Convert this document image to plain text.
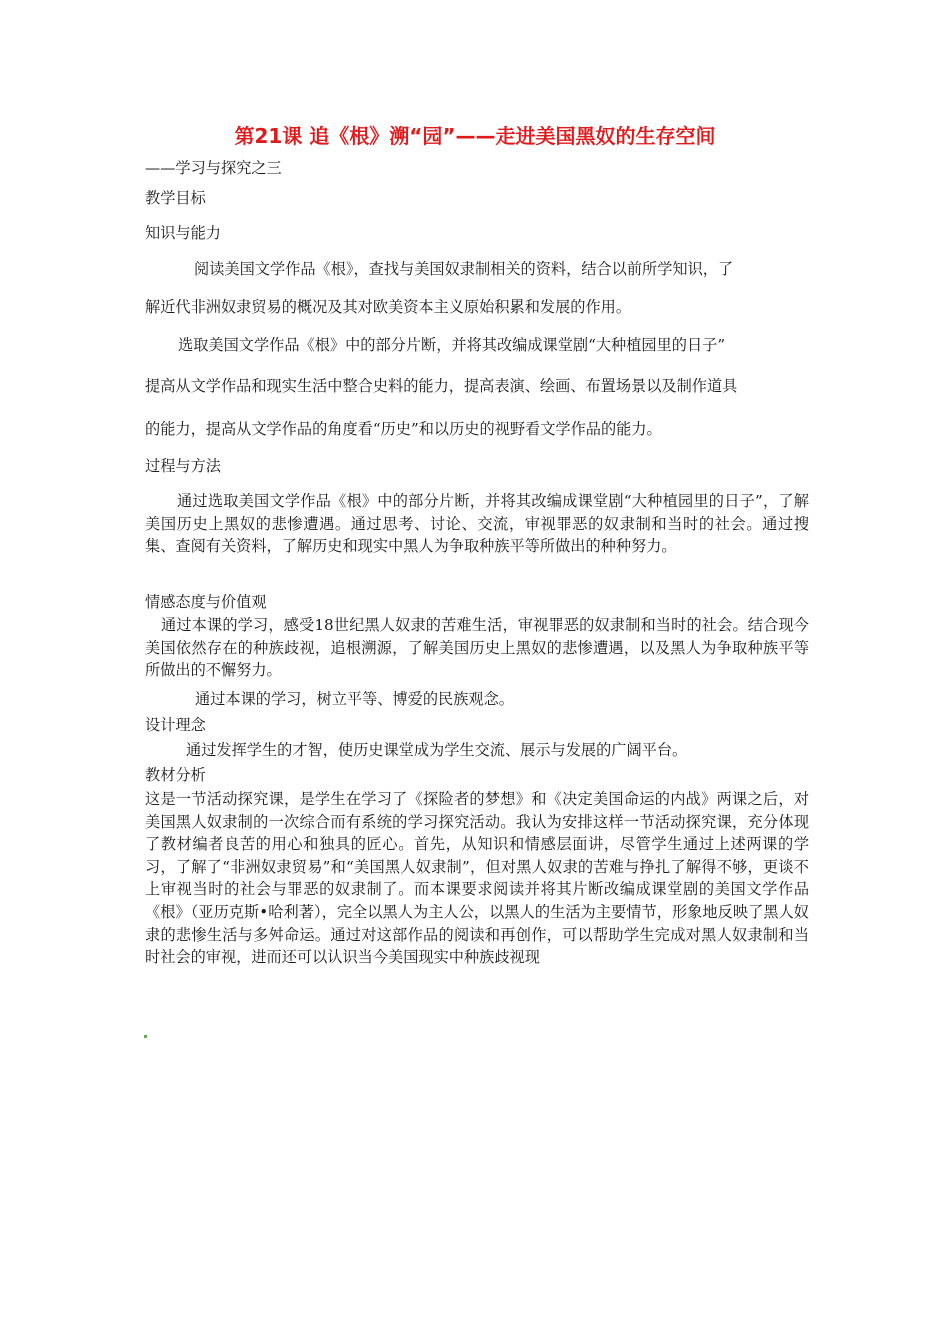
第21课 追《根》溯“园”——走进美国黑奴的生存空间
——学习与探究之三
教学目标
知识与能力
阅读美国文学作品《根》，查找与美国奴隶制相关的资料，结合以前所学知识，了
解近代非洲奴隶贸易的概况及其对欧美资本主义原始积累和发展的作用。
选取美国文学作品《根》中的部分片断，并将其改编成课堂剧“大种植园里的日子”
提高从文学作品和现实生活中整合史料的能力，提高表演、绘画、布置场景以及制作道具
的能力，提高从文学作品的角度看“历史”和以历史的视野看文学作品的能力。
过程与方法
通过选取美国文学作品《根》中的部分片断，并将其改编成课堂剧“大种植园里的日子”，了解美国历史上黑奴的悲惨遭遇。通过思考、讨论、交流，审视罪恶的奴隶制和当时的社会。通过搜集、查阅有关资料，了解历史和现实中黑人为争取种族平等所做出的种种努力。
情感态度与价值观
通过本课的学习，感受18世纪黑人奴隶的苦难生活，审视罪恶的奴隶制和当时的社会。结合现今美国依然存在的种族歧视，追根溯源，了解美国历史上黑奴的悲惨遭遇，以及黑人为争取种族平等所做出的不懈努力。
通过本课的学习，树立平等、博爱的民族观念。
设计理念
通过发挥学生的才智，使历史课堂成为学生交流、展示与发展的广阔平台。
教材分析
这是一节活动探究课，是学生在学习了《探险者的梦想》和《决定美国命运的内战》两课之后，对美国黑人奴隶制的一次综合而有系统的学习探究活动。我认为安排这样一节活动探究课，充分体现了教材编者良苦的用心和独具的匠心。首先，从知识和情感层面讲，尽管学生通过上述两课的学习，了解了“非洲奴隶贸易”和“美国黑人奴隶制”，但对黑人奴隶的苦难与挣扎了解得不够，更谈不上审视当时的社会与罪恶的奴隶制了。而本课要求阅读并将其片断改编成课堂剧的美国文学作品《根》（亚历克斯•哈利著），完全以黑人为主人公，以黑人的生活为主要情节，形象地反映了黑人奴隶的悲惨生活与多舛命运。通过对这部作品的阅读和再创作，可以帮助学生完成对黑人奴隶制和当时社会的审视，进而还可以认识当今美国现实中种族歧视现
